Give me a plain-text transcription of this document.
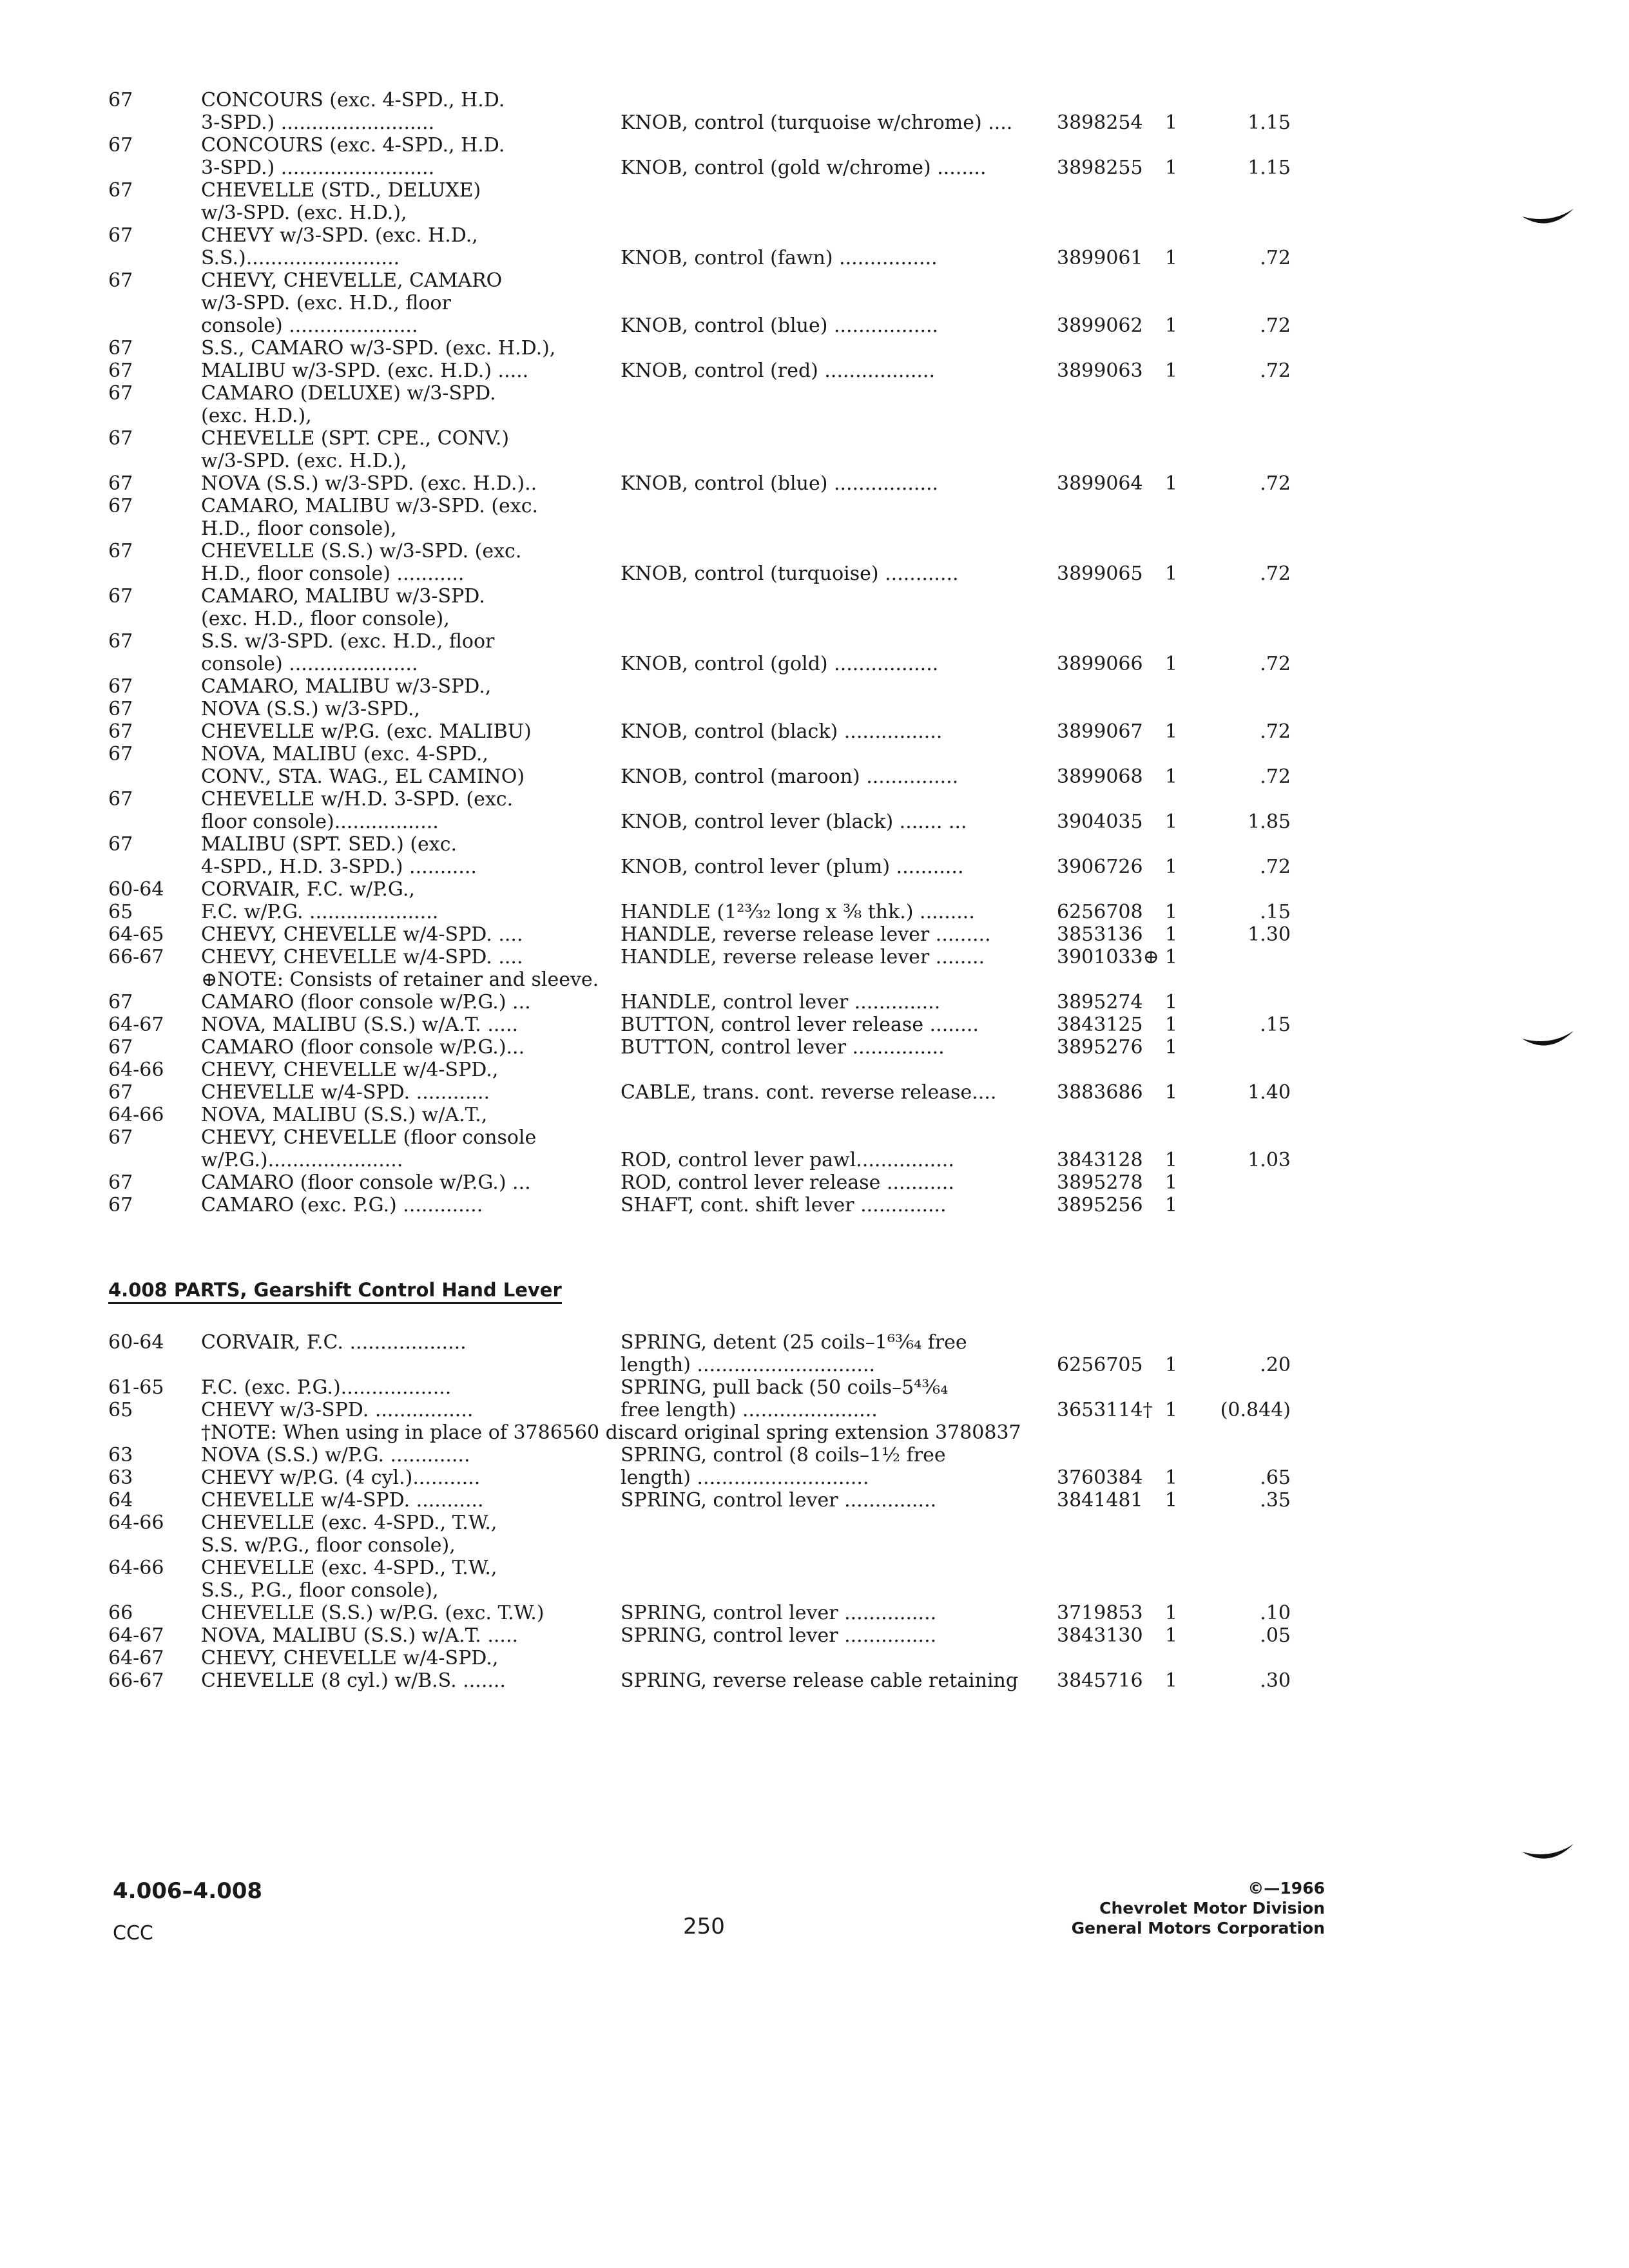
67	CONCOURS (exc. 4-SPD., H.D.
3-SPD.) .........................	KNOB, control (turquoise w/chrome) .... 3898254 1	1.15
67	CONCOURS (exc. 4-SPD., H.D.
3-SPD.) .........................	KNOB, control (gold w/chrome) ........	3898255 1	1.15
67	CHEVELLE (STD., DELUXE)
w/3-SPD. (exc. H.D.),
67	CHEVY w/3-SPD. (exc. H.D.,
S.S.).........................	KNOB, control (fawn) ................	3899061 1	.72
67	CHEVY, CHEVELLE, CAMARO
w/3-SPD. (exc. H.D., floor
console) .....................	KNOB, control (blue) .................	3899062 1	.72
67	S.S., CAMARO w/3-SPD. (exc. H.D.),
67	MALIBU w/3-SPD. (exc. H.D.) .....	KNOB, control (red) ..................	3899063 1	.72
67	CAMARO (DELUXE) w/3-SPD.
(exc. H.D.),
67	CHEVELLE (SPT. CPE., CONV.)
w/3-SPD. (exc. H.D.),
67	NOVA (S.S.) w/3-SPD. (exc. H.D.)..	KNOB, control (blue) .................	3899064 1	.72
67	CAMARO, MALIBU w/3-SPD. (exc.
H.D., floor console),
67	CHEVELLE (S.S.) w/3-SPD. (exc.
H.D., floor console) ...........	KNOB, control (turquoise) ............	3899065 1	.72
67	CAMARO, MALIBU w/3-SPD.
(exc. H.D., floor console),
67	S.S. w/3-SPD. (exc. H.D., floor
console) .....................	KNOB, control (gold) .................	3899066 1	.72
67	CAMARO, MALIBU w/3-SPD.,
67	NOVA (S.S.) w/3-SPD.,
67	CHEVELLE w/P.G. (exc. MALIBU)	KNOB, control (black) ................	3899067 1	.72
67	NOVA, MALIBU (exc. 4-SPD.,
CONV., STA. WAG., EL CAMINO)	KNOB, control (maroon) ...............	3899068 1	.72
67	CHEVELLE w/H.D. 3-SPD. (exc.
floor console).................	KNOB, control lever (black) ....... ...	3904035 1	1.85
67	MALIBU (SPT. SED.) (exc.
4-SPD., H.D. 3-SPD.) ...........	KNOB, control lever (plum) ...........	3906726 1	.72
60-64 CORVAIR, F.C. w/P.G.,
65	F.C. w/P.G. .....................	HANDLE (1²³⁄₃₂ long x ⅜ thk.) .........	6256708 1	.15
64-65 CHEVY, CHEVELLE w/4-SPD. ....	HANDLE, reverse release lever .........	3853136 1	1.30
66-67 CHEVY, CHEVELLE w/4-SPD. ....	HANDLE, reverse release lever ........	3901033⊕ 1
⊕NOTE: Consists of retainer and sleeve.
67	CAMARO (floor console w/P.G.) ...	HANDLE, control lever ..............	3895274 1
64-67 NOVA, MALIBU (S.S.) w/A.T. .....	BUTTON, control lever release ........	3843125 1	.15
67	CAMARO (floor console w/P.G.)...	BUTTON, control lever ...............	3895276 1
64-66 CHEVY, CHEVELLE w/4-SPD.,
67	CHEVELLE w/4-SPD. ............	CABLE, trans. cont. reverse release....	3883686 1	1.40
64-66 NOVA, MALIBU (S.S.) w/A.T.,
67	CHEVY, CHEVELLE (floor console
w/P.G.)......................	ROD, control lever pawl................	3843128 1	1.03
67	CAMARO (floor console w/P.G.) ...	ROD, control lever release ...........	3895278 1
67	CAMARO (exc. P.G.) .............	SHAFT, cont. shift lever ..............	3895256 1
4.008 PARTS, Gearshift Control Hand Lever
60-64 CORVAIR, F.C. ...................	SPRING, detent (25 coils–1⁶³⁄₆₄ free
length) .............................	6256705 1	.20
61-65 F.C. (exc. P.G.)..................	SPRING, pull back (50 coils–5⁴³⁄₆₄
65	CHEVY w/3-SPD. ................	free length) ......................	3653114† 1 (0.844)
†NOTE: When using in place of 3786560 discard original spring extension 3780837
63	NOVA (S.S.) w/P.G. .............	SPRING, control (8 coils–1½ free
63	CHEVY w/P.G. (4 cyl.)...........	length) ............................	3760384 1	.65
64	CHEVELLE w/4-SPD. ...........	SPRING, control lever ...............	3841481 1	.35
64-66 CHEVELLE (exc. 4-SPD., T.W.,
S.S. w/P.G., floor console),
64-66 CHEVELLE (exc. 4-SPD., T.W.,
S.S., P.G., floor console),
66	CHEVELLE (S.S.) w/P.G. (exc. T.W.)	SPRING, control lever ...............	3719853 1	.10
64-67 NOVA, MALIBU (S.S.) w/A.T. .....	SPRING, control lever ...............	3843130 1	.05
64-67 CHEVY, CHEVELLE w/4-SPD.,
66-67 CHEVELLE (8 cyl.) w/B.S. .......	SPRING, reverse release cable retaining 3845716 1	.30
4.006–4.008
CCC	250
©—1966
Chevrolet Motor Division
General Motors Corporation
